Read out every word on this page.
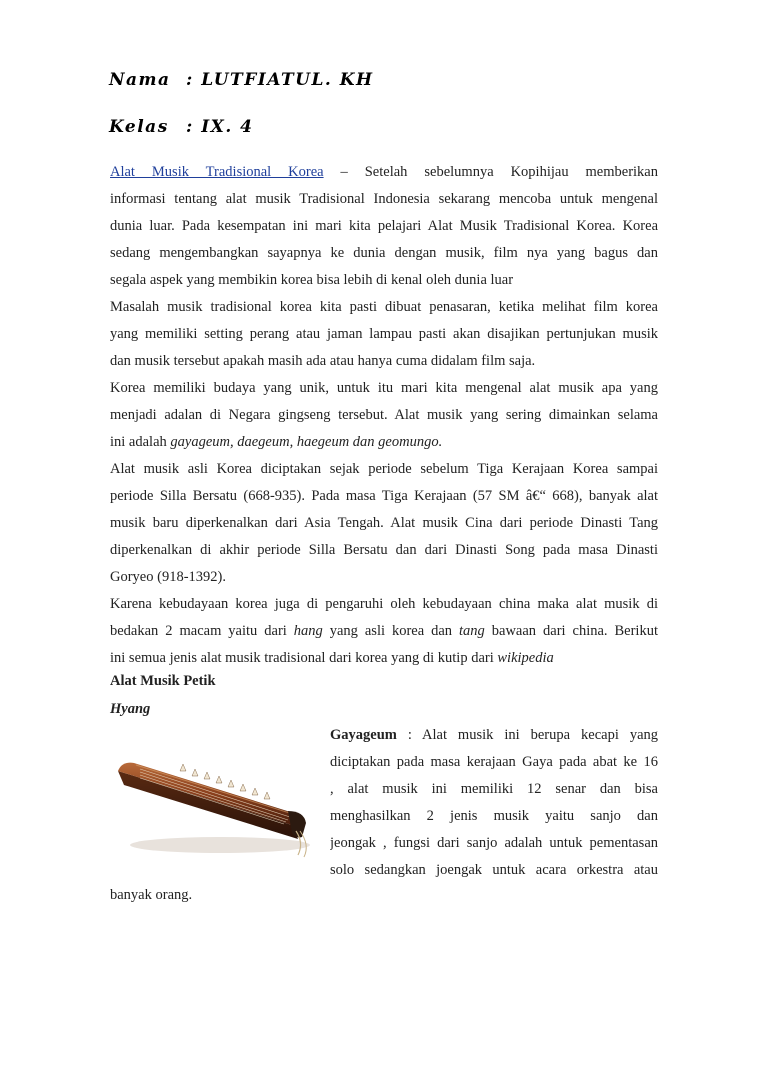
Nama : LUTFIATUL. KH
Kelas : IX. 4
Alat Musik Tradisional Korea – Setelah sebelumnya Kopihijau memberikan
informasi tentang alat musik Tradisional Indonesia sekarang mencoba untuk mengenal
dunia luar. Pada kesempatan ini mari kita pelajari Alat Musik Tradisional Korea. Korea
sedang mengembangkan sayapnya ke dunia dengan musik, film nya yang bagus dan
segala aspek yang membikin korea bisa lebih di kenal oleh dunia luar
Masalah musik tradisional korea kita pasti dibuat penasaran, ketika melihat film korea
yang memiliki setting perang atau jaman lampau pasti akan disajikan pertunjukan musik
dan musik tersebut apakah masih ada atau hanya cuma didalam film saja.
Korea memiliki budaya yang unik, untuk itu mari kita mengenal alat musik apa yang
menjadi adalan di Negara gingseng tersebut. Alat musik yang sering dimainkan selama
ini adalah gayageum, daegeum, haegeum dan geomungo.
Alat musik asli Korea diciptakan sejak periode sebelum Tiga Kerajaan Korea sampai
periode Silla Bersatu (668-935). Pada masa Tiga Kerajaan (57 SM â€“ 668), banyak alat
musik baru diperkenalkan dari Asia Tengah. Alat musik Cina dari periode Dinasti Tang
diperkenalkan di akhir periode Silla Bersatu dan dari Dinasti Song pada masa Dinasti
Goryeo (918-1392).
Karena kebudayaan korea juga di pengaruhi oleh kebudayaan china maka alat musik di
bedakan 2 macam yaitu dari hang yang asli korea dan tang bawaan dari china. Berikut
ini semua jenis alat musik tradisional dari korea yang di kutip dari wikipedia
Alat Musik Petik
Hyang
Gayageum : Alat musik ini berupa kecapi yang
diciptakan pada masa kerajaan Gaya pada abat ke 16
, alat musik ini memiliki 12 senar dan bisa
menghasilkan 2 jenis musik yaitu sanjo dan
jeongak , fungsi dari sanjo adalah untuk pementasan
solo sedangkan joengak untuk acara orkestra atau
banyak orang.
